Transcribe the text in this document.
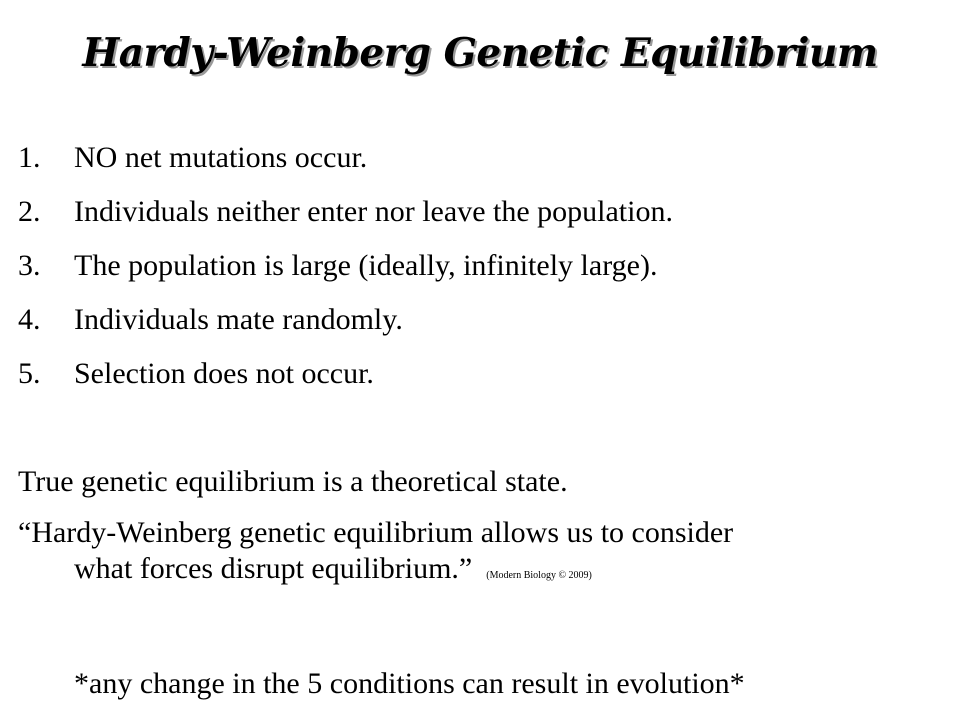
Hardy-Weinberg Genetic Equilibrium
1.	NO net mutations occur.
2.	Individuals neither enter nor leave the population.
3.	The population is large (ideally, infinitely large).
4.	Individuals mate randomly.
5.	Selection does not occur.
True genetic equilibrium is a theoretical state.
“Hardy-Weinberg genetic equilibrium allows us to consider
what forces disrupt equilibrium.” (Modern Biology © 2009)
*any change in the 5 conditions can result in evolution*
